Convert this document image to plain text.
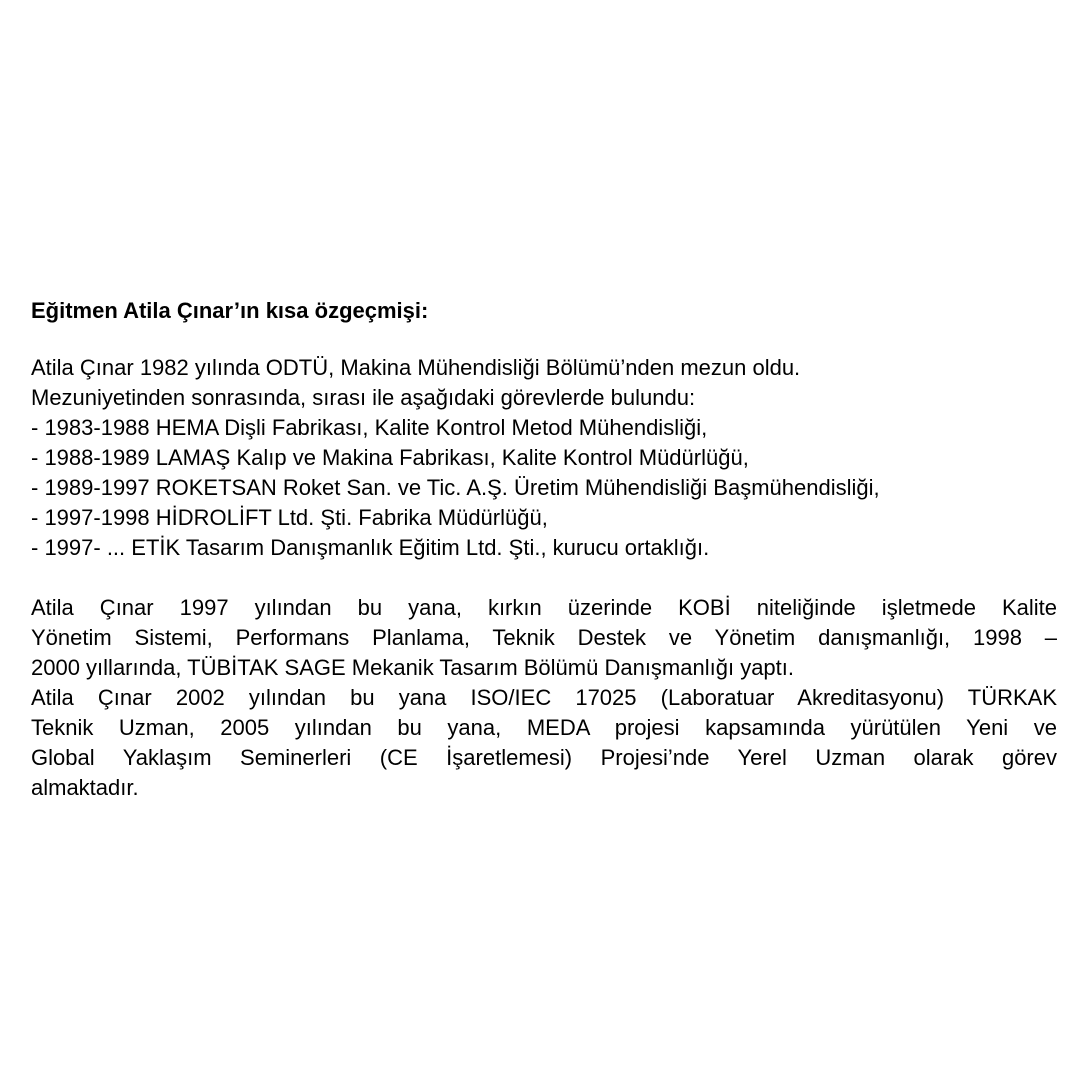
Eğitmen Atila Çınar’ın kısa özgeçmişi:
Atila Çınar 1982 yılında ODTÜ, Makina Mühendisliği Bölümü’nden mezun oldu.
Mezuniyetinden sonrasında, sırası ile aşağıdaki görevlerde bulundu:
- 1983-1988 HEMA Dişli Fabrikası, Kalite Kontrol Metod Mühendisliği,
- 1988-1989 LAMAŞ Kalıp ve Makina Fabrikası, Kalite Kontrol Müdürlüğü,
- 1989-1997 ROKETSAN Roket San. ve Tic. A.Ş. Üretim Mühendisliği Başmühendisliği,
- 1997-1998 HİDROLİFT Ltd. Şti. Fabrika Müdürlüğü,
- 1997- ... ETİK Tasarım Danışmanlık Eğitim Ltd. Şti., kurucu ortaklığı.
Atila Çınar 1997 yılından bu yana, kırkın üzerinde KOBİ niteliğinde işletmede Kalite
Yönetim Sistemi, Performans Planlama, Teknik Destek ve Yönetim danışmanlığı, 1998 –
2000 yıllarında, TÜBİTAK SAGE Mekanik Tasarım Bölümü Danışmanlığı yaptı.
Atila Çınar 2002 yılından bu yana ISO/IEC 17025 (Laboratuar Akreditasyonu) TÜRKAK
Teknik Uzman, 2005 yılından bu yana, MEDA projesi kapsamında yürütülen Yeni ve
Global Yaklaşım Seminerleri (CE İşaretlemesi) Projesi’nde Yerel Uzman olarak görev
almaktadır.
